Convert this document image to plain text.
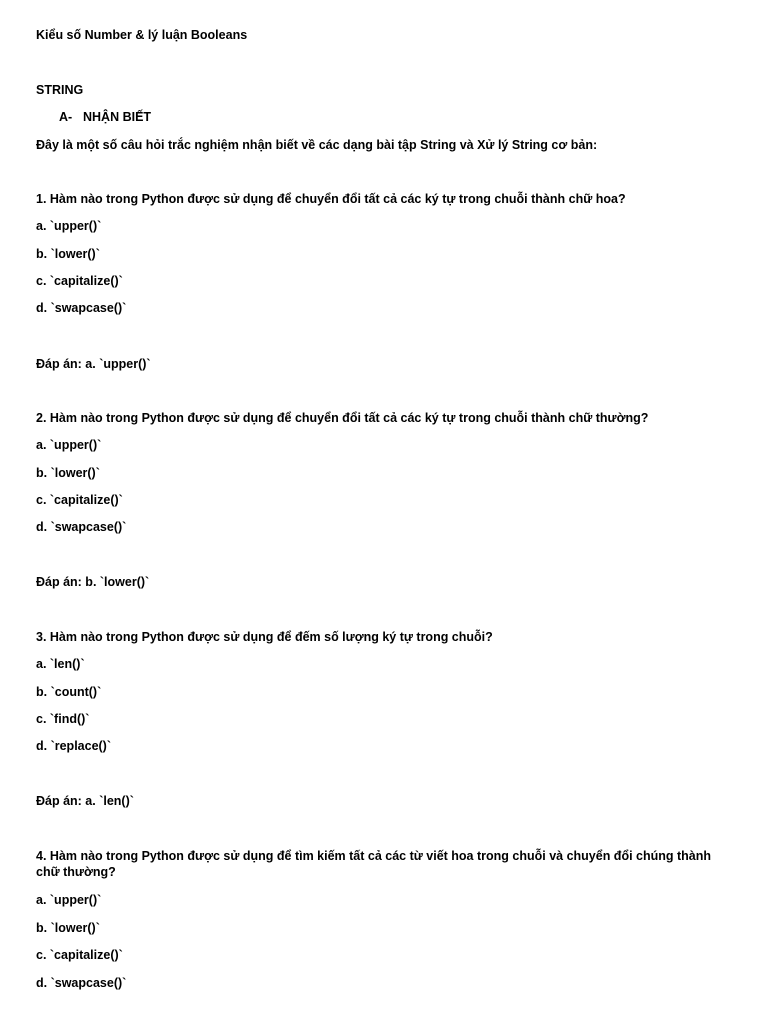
Kiểu số Number & lý luận Booleans
STRING
A- NHẬN BIẾT
Đây là một số câu hỏi trắc nghiệm nhận biết về các dạng bài tập String và Xử lý String cơ bản:
1. Hàm nào trong Python được sử dụng để chuyển đổi tất cả các ký tự trong chuỗi thành chữ hoa?
a. `upper()`
b. `lower()`
c. `capitalize()`
d. `swapcase()`
Đáp án: a. `upper()`
2. Hàm nào trong Python được sử dụng để chuyển đổi tất cả các ký tự trong chuỗi thành chữ thường?
a. `upper()`
b. `lower()`
c. `capitalize()`
d. `swapcase()`
Đáp án: b. `lower()`
3. Hàm nào trong Python được sử dụng để đếm số lượng ký tự trong chuỗi?
a. `len()`
b. `count()`
c. `find()`
d. `replace()`
Đáp án: a. `len()`
4. Hàm nào trong Python được sử dụng để tìm kiếm tất cả các từ viết hoa trong chuỗi và chuyển đổi chúng thành chữ thường?
a. `upper()`
b. `lower()`
c. `capitalize()`
d. `swapcase()`
